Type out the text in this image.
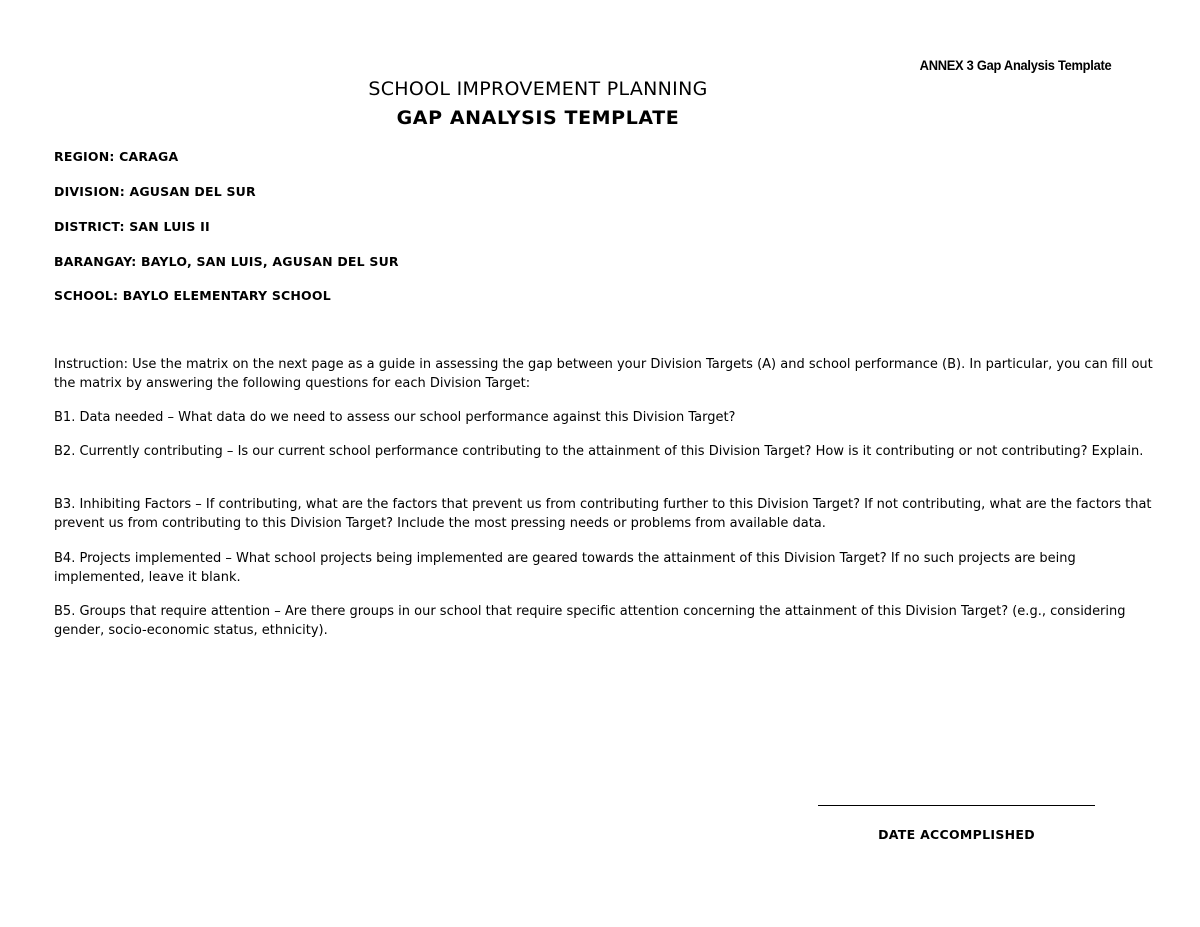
ANNEX 3 Gap Analysis Template
SCHOOL IMPROVEMENT PLANNING
GAP ANALYSIS TEMPLATE
REGION: CARAGA
DIVISION: AGUSAN DEL SUR
DISTRICT: SAN LUIS II
BARANGAY: BAYLO, SAN LUIS, AGUSAN DEL SUR
SCHOOL: BAYLO ELEMENTARY SCHOOL
Instruction: Use the matrix on the next page as a guide in assessing the gap between your Division Targets (A) and school performance (B). In particular, you can fill out the matrix by answering the following questions for each Division Target:
B1. Data needed – What data do we need to assess our school performance against this Division Target?
B2. Currently contributing – Is our current school performance contributing to the attainment of this Division Target? How is it contributing or not contributing? Explain.
B3. Inhibiting Factors – If contributing, what are the factors that prevent us from contributing further to this Division Target? If not contributing, what are the factors that prevent us from contributing to this Division Target? Include the most pressing needs or problems from available data.
B4. Projects implemented – What school projects being implemented are geared towards the attainment of this Division Target? If no such projects are being implemented, leave it blank.
B5. Groups that require attention – Are there groups in our school that require specific attention concerning the attainment of this Division Target? (e.g., considering gender, socio-economic status, ethnicity).
DATE ACCOMPLISHED
